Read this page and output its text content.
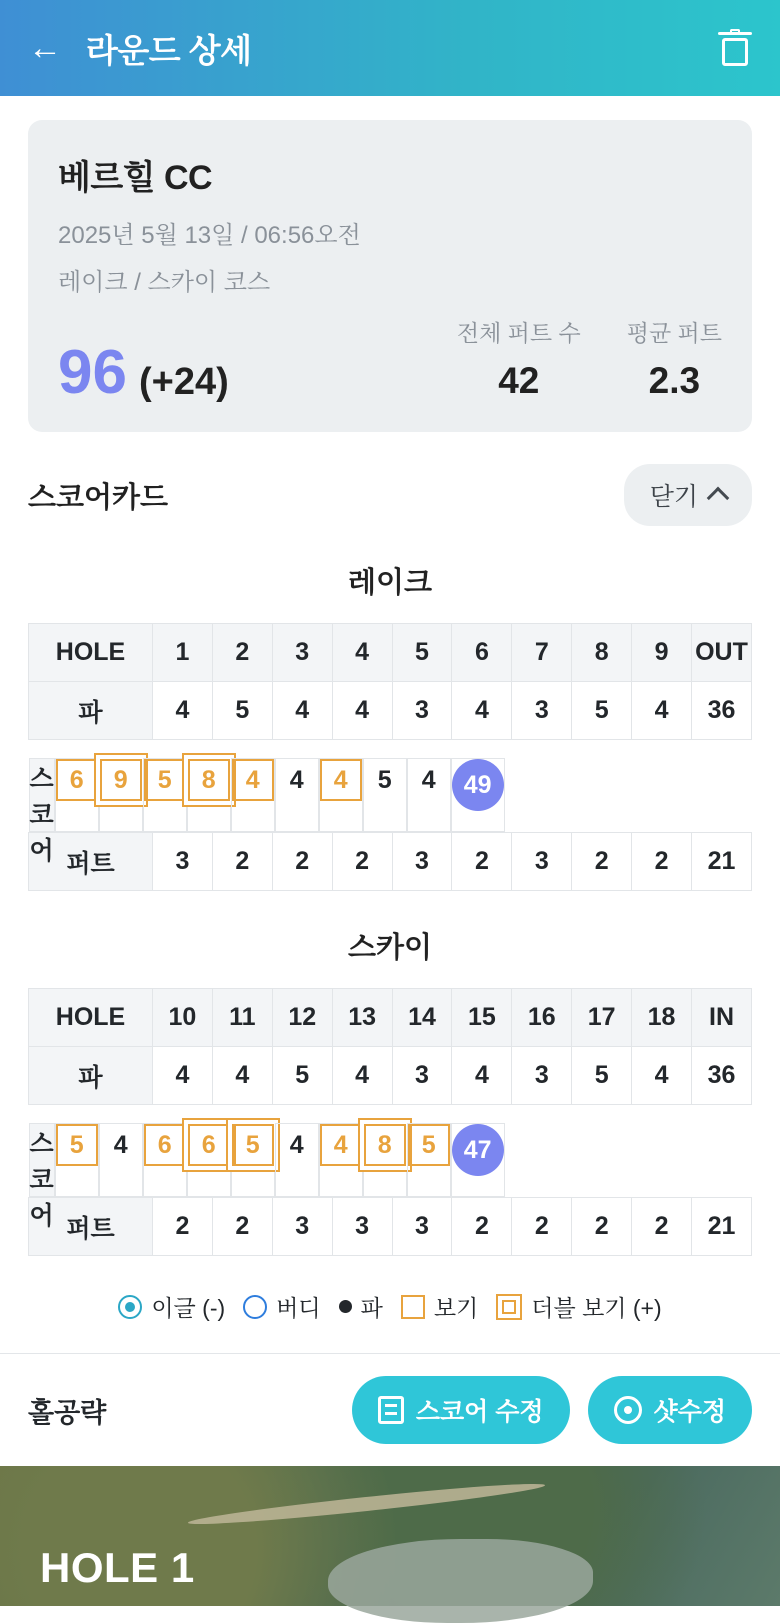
← 라운드 상세
베르힐 CC
2025년 5월 13일 / 06:56오전
레이크 / 스카이 코스
96 (+24)
전체 퍼트 수
42
평균 퍼트
2.3
스코어카드	닫기
레이크
HOLE	1	2	3	4	5	6	7	8	9	OUT
파	4	5	4	4	3	4	3	5	4	36

스코어
6	9	5	8	4	4	4	5	4	49
퍼트	3	2	2	2	3	2	3	2	2	21
스카이
HOLE	10	11	12	13	14	15	16	17	18	IN
파	4	4	5	4	3	4	3	5	4	36

스코어
5	4	6	6	5	4	4	8	5	47
퍼트	2	2	3	3	3	2	2	2	2	21
이글 (-) 버디 파 보기 더블 보기 (+)
홀공략	스코어 수정	샷수정
HOLE 1
